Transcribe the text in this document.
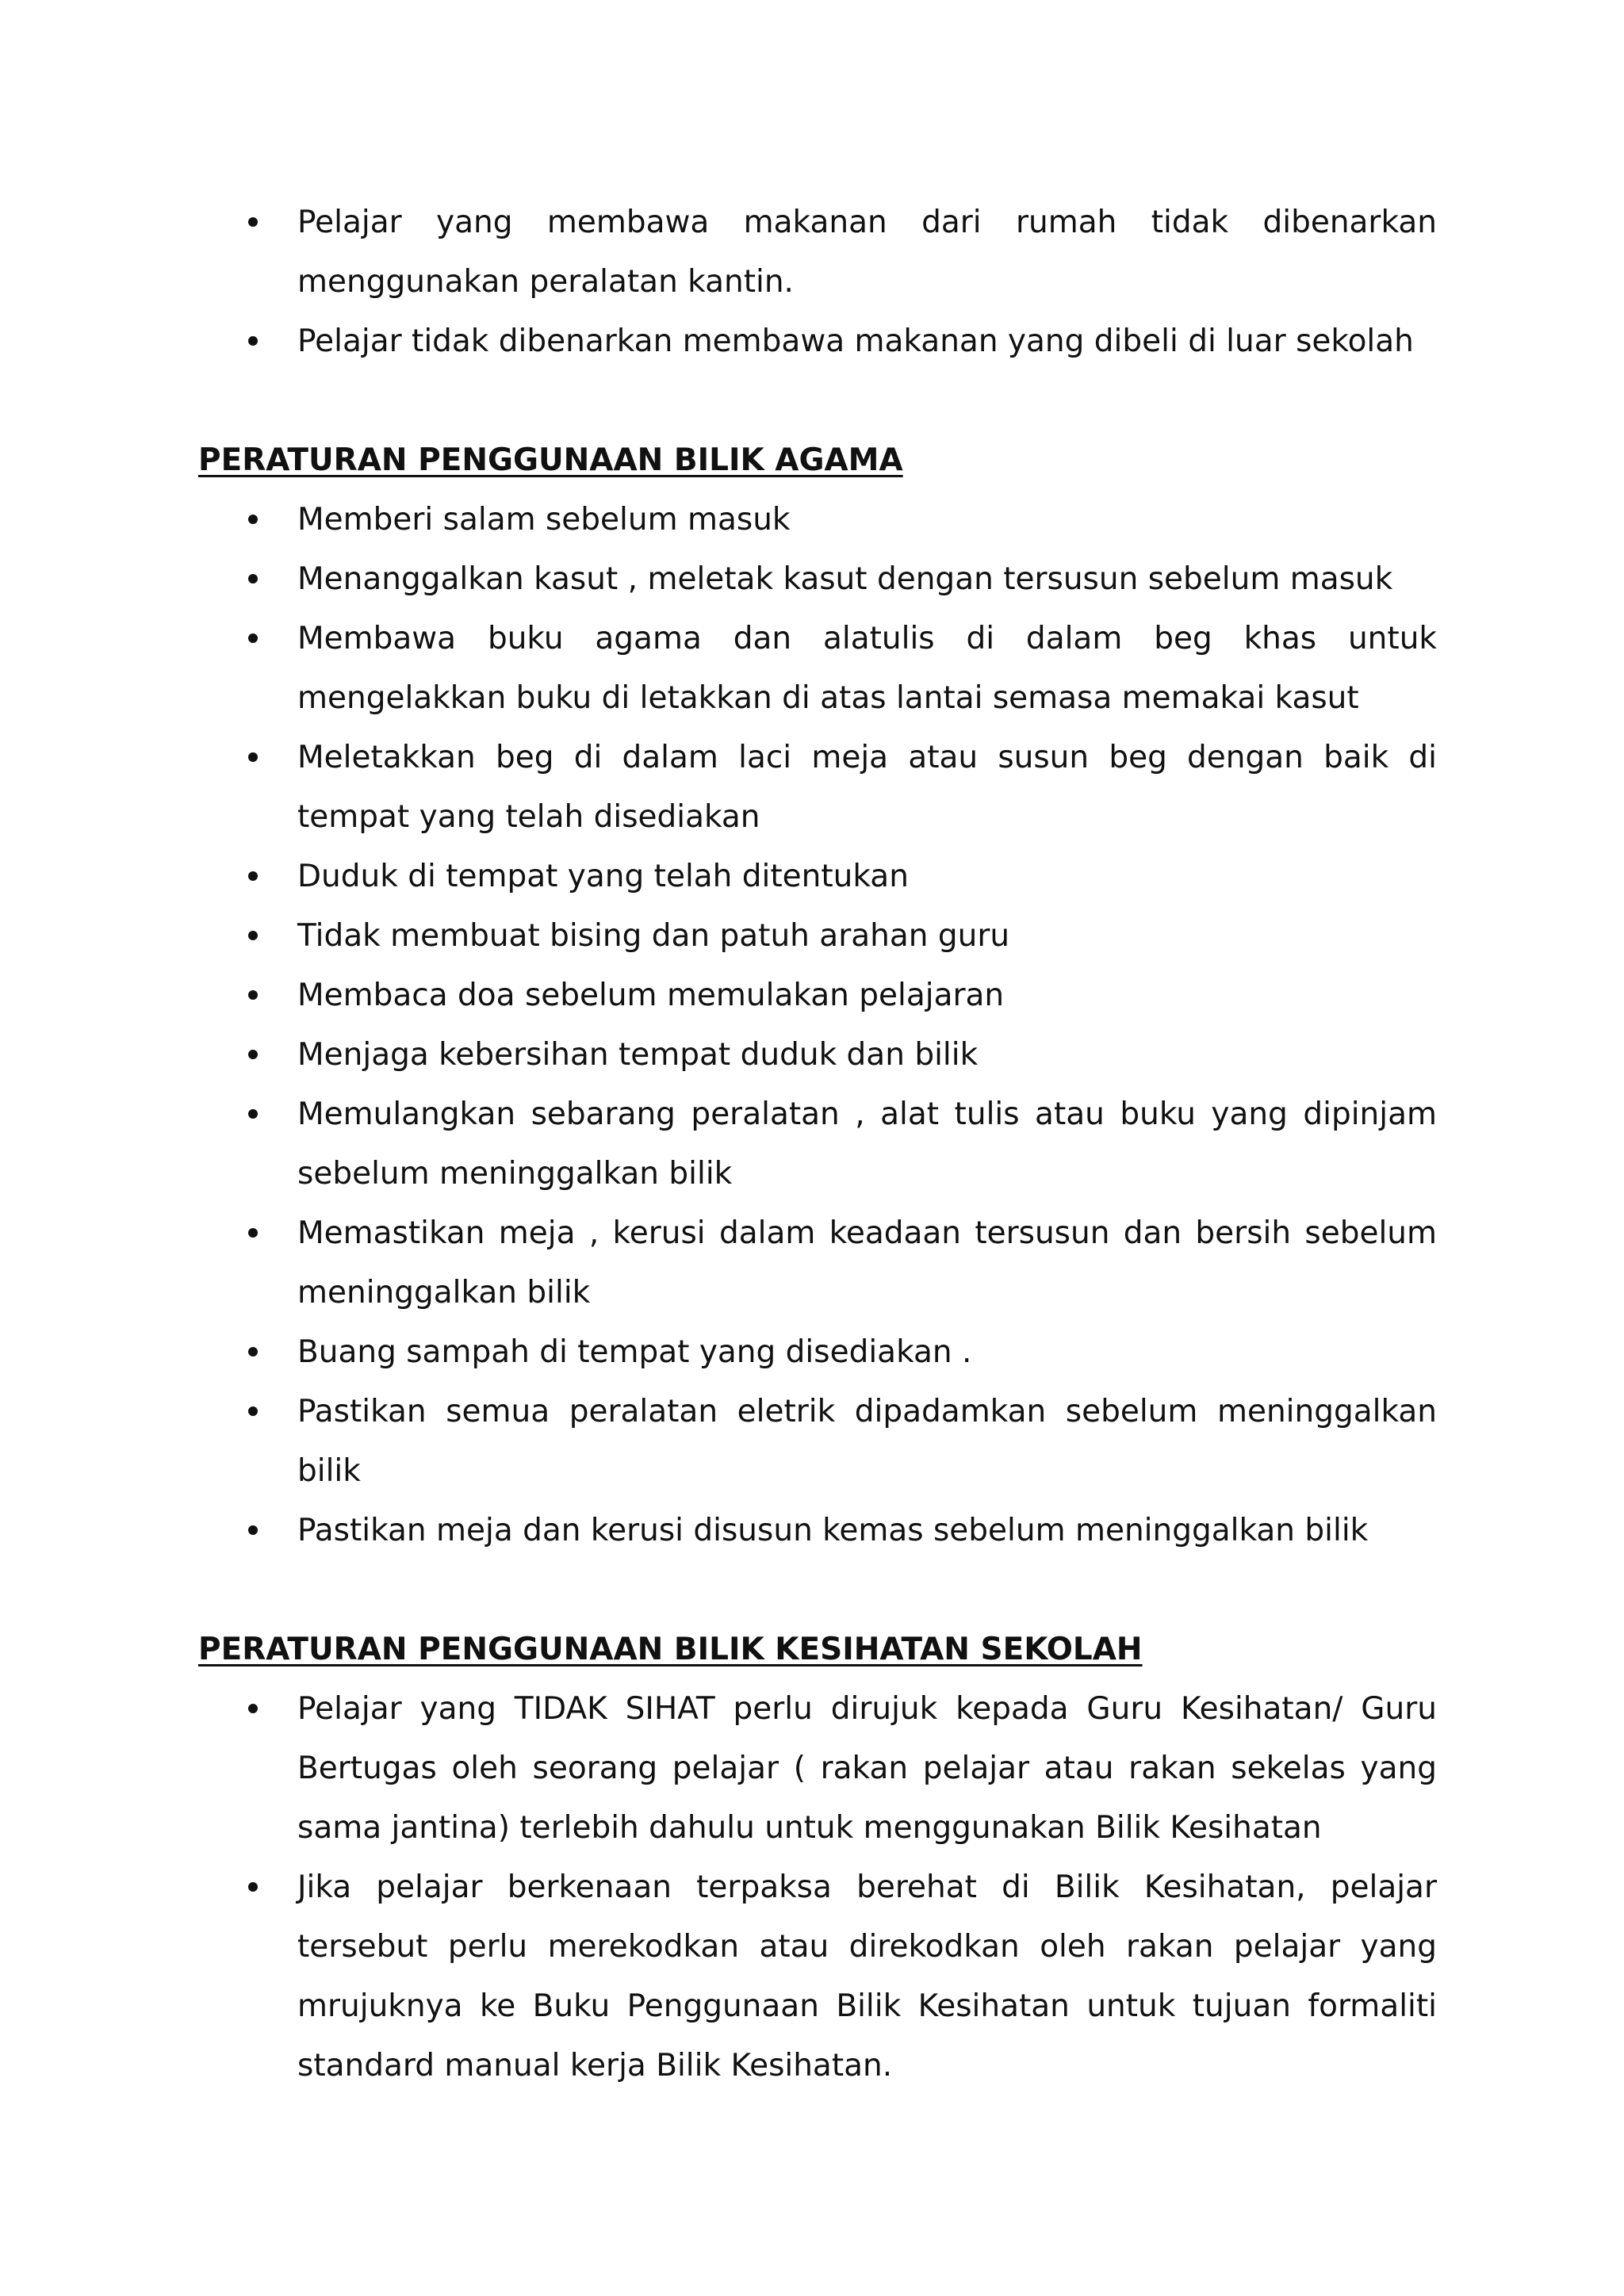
Pelajar yang membawa makanan dari rumah tidak dibenarkan menggunakan peralatan kantin.
Pelajar tidak dibenarkan membawa makanan yang dibeli di luar sekolah

PERATURAN PENGGUNAAN BILIK AGAMA

Memberi salam sebelum masuk
Menanggalkan kasut , meletak kasut dengan tersusun sebelum masuk
Membawa buku agama dan alatulis di dalam beg khas untuk mengelakkan buku di letakkan di atas lantai semasa memakai kasut
Meletakkan beg di dalam laci meja atau susun beg dengan baik di tempat yang telah disediakan
Duduk di tempat yang telah ditentukan
Tidak membuat bising dan patuh arahan guru
Membaca doa sebelum memulakan pelajaran
Menjaga kebersihan tempat duduk dan bilik
Memulangkan sebarang peralatan , alat tulis atau buku yang dipinjam sebelum meninggalkan bilik
Memastikan meja , kerusi dalam keadaan tersusun dan bersih sebelum meninggalkan bilik
Buang sampah di tempat yang disediakan .
Pastikan semua peralatan eletrik dipadamkan sebelum meninggalkan bilik
Pastikan meja dan kerusi disusun kemas sebelum meninggalkan bilik

PERATURAN PENGGUNAAN BILIK KESIHATAN SEKOLAH

Pelajar yang TIDAK SIHAT perlu dirujuk kepada Guru Kesihatan/ Guru Bertugas oleh seorang pelajar ( rakan pelajar atau rakan sekelas yang sama jantina) terlebih dahulu untuk menggunakan Bilik Kesihatan
Jika pelajar berkenaan terpaksa berehat di Bilik Kesihatan, pelajar tersebut perlu merekodkan atau direkodkan oleh rakan pelajar yang mrujuknya ke Buku Penggunaan Bilik Kesihatan untuk tujuan formaliti standard manual kerja Bilik Kesihatan.
